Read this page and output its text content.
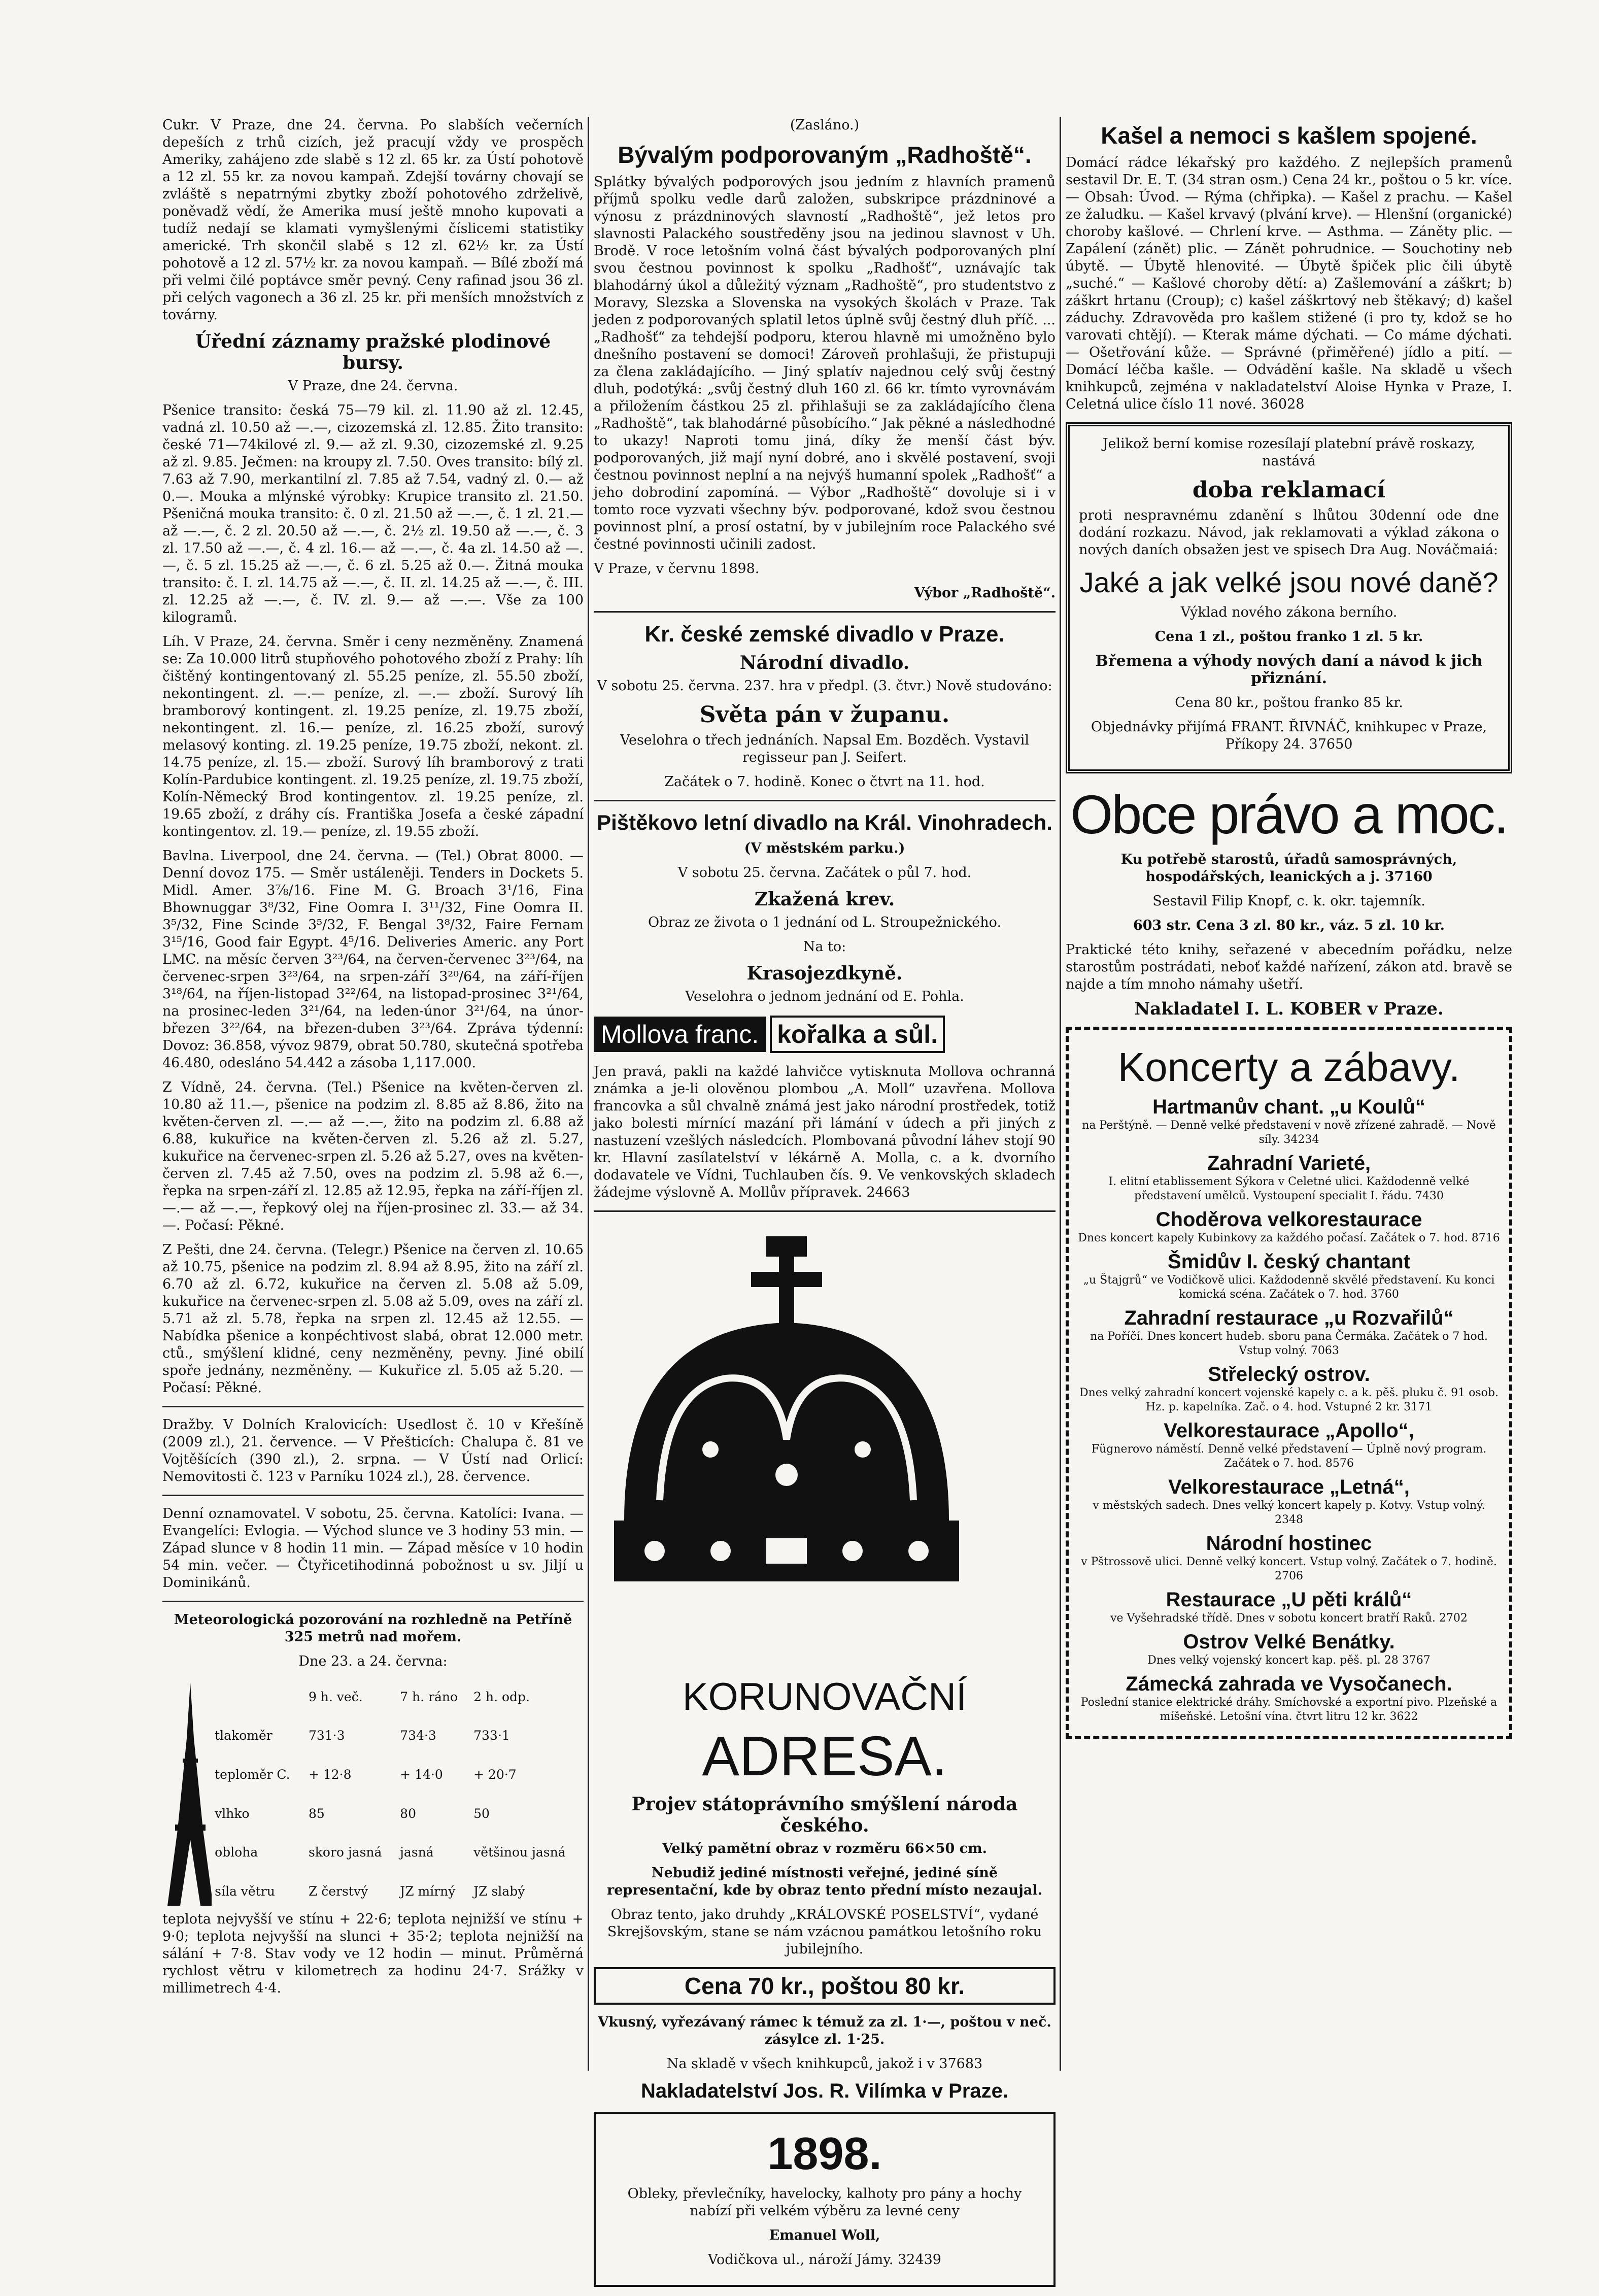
Cukr. V Praze, dne 24. června. Po slabších večerních depeších z trhů cizích, jež pracují vždy ve prospěch Ameriky, zahájeno zde slabě s 12 zl. 65 kr. za Ústí pohotově a 12 zl. 55 kr. za novou kampaň. Zdejší továrny chovají se zvláště s nepatrnými zbytky zboží pohotového zdrželivě, poněvadž vědí, že Amerika musí ještě mnoho kupovati a tudíž nedají se klamati vymyšlenými číslicemi statistiky americké. Trh skončil slabě s 12 zl. 62½ kr. za Ústí pohotově a 12 zl. 57½ kr. za novou kampaň. — Bílé zboží má při velmi čilé poptávce směr pevný. Ceny rafinad jsou 36 zl. při celých vagonech a 36 zl. 25 kr. při menších množstvích z továrny.

Úřední záznamy pražské plodinové bursy.

V Praze, dne 24. června.

Pšenice transito: česká 75—79 kil. zl. 11.90 až zl. 12.45, vadná zl. 10.50 až —.—, cizozemská zl. 12.85. Žito transito: české 71—74kilové zl. 9.— až zl. 9.30, cizozemské zl. 9.25 až zl. 9.85. Ječmen: na kroupy zl. 7.50. Oves transito: bílý zl. 7.63 až 7.90, merkantilní zl. 7.85 až 7.54, vadný zl. 0.— až 0.—. Mouka a mlýnské výrobky: Krupice transito zl. 21.50. Pšeničná mouka transito: č. 0 zl. 21.50 až —.—, č. 1 zl. 21.— až —.—, č. 2 zl. 20.50 až —.—, č. 2½ zl. 19.50 až —.—, č. 3 zl. 17.50 až —.—, č. 4 zl. 16.— až —.—, č. 4a zl. 14.50 až —.—, č. 5 zl. 15.25 až —.—, č. 6 zl. 5.25 až 0.—. Žitná mouka transito: č. I. zl. 14.75 až —.—, č. II. zl. 14.25 až —.—, č. III. zl. 12.25 až —.—, č. IV. zl. 9.— až —.—. Vše za 100 kilogramů.

Líh. V Praze, 24. června. Směr i ceny nezměněny. Znamená se: Za 10.000 litrů stupňového pohotového zboží z Prahy: líh čištěný kontingentovaný zl. 55.25 peníze, zl. 55.50 zboží, nekontingent. zl. —.— peníze, zl. —.— zboží. Surový líh bramborový kontingent. zl. 19.25 peníze, zl. 19.75 zboží, nekontingent. zl. 16.— peníze, zl. 16.25 zboží, surový melasový konting. zl. 19.25 peníze, 19.75 zboží, nekont. zl. 14.75 peníze, zl. 15.— zboží. Surový líh bramborový z trati Kolín-Pardubice kontingent. zl. 19.25 peníze, zl. 19.75 zboží, Kolín-Německý Brod kontingentov. zl. 19.25 peníze, zl. 19.65 zboží, z dráhy cís. Františka Josefa a české západní kontingentov. zl. 19.— peníze, zl. 19.55 zboží.

Bavlna. Liverpool, dne 24. června. — (Tel.) Obrat 8000. — Denní dovoz 175. — Směr ustáleněji. Tenders in Dockets 5. Midl. Amer. 3⅞/16. Fine M. G. Broach 3¹/16, Fina Bhownuggar 3⁸/32, Fine Oomra I. 3¹¹/32, Fine Oomra II. 3⁵/32, Fine Scinde 3⁵/32, F. Bengal 3⁸/32, Faire Fernam 3¹⁵/16, Good fair Egypt. 4⁵/16. Deliveries Americ. any Port LMC. na měsíc červen 3²³/64, na červen-červenec 3²³/64, na červenec-srpen 3²³/64, na srpen-září 3²⁰/64, na září-říjen 3¹⁸/64, na říjen-listopad 3²²/64, na listopad-prosinec 3²¹/64, na prosinec-leden 3²¹/64, na leden-únor 3²¹/64, na únor-březen 3²²/64, na březen-duben 3²³/64. Zpráva týdenní: Dovoz: 36.858, vývoz 9879, obrat 50.780, skutečná spotřeba 46.480, odesláno 54.442 a zásoba 1,117.000.

Z Vídně, 24. června. (Tel.) Pšenice na květen-červen zl. 10.80 až 11.—, pšenice na podzim zl. 8.85 až 8.86, žito na květen-červen zl. —.— až —.—, žito na podzim zl. 6.88 až 6.88, kukuřice na květen-červen zl. 5.26 až zl. 5.27, kukuřice na červenec-srpen zl. 5.26 až 5.27, oves na květen-červen zl. 7.45 až 7.50, oves na podzim zl. 5.98 až 6.—, řepka na srpen-září zl. 12.85 až 12.95, řepka na září-říjen zl. —.— až —.—, řepkový olej na říjen-prosinec zl. 33.— až 34.—. Počasí: Pěkné.

Z Pešti, dne 24. června. (Telegr.) Pšenice na červen zl. 10.65 až 10.75, pšenice na podzim zl. 8.94 až 8.95, žito na září zl. 6.70 až zl. 6.72, kukuřice na červen zl. 5.08 až 5.09, kukuřice na červenec-srpen zl. 5.08 až 5.09, oves na září zl. 5.71 až zl. 5.78, řepka na srpen zl. 12.45 až 12.55. — Nabídka pšenice a konpéchtivost slabá, obrat 12.000 metr. ctů., smýšlení klidné, ceny nezměněny, pevny. Jiné obilí spoře jednány, nezměněny. — Kukuřice zl. 5.05 až 5.20. — Počasí: Pěkné.

Dražby. V Dolních Kralovicích: Usedlost č. 10 v Křešíně (2009 zl.), 21. července. — V Přešticích: Chalupa č. 81 ve Vojtěšících (390 zl.), 2. srpna. — V Ústí nad Orlicí: Nemovitosti č. 123 v Parníku 1024 zl.), 28. července.

Denní oznamovatel. V sobotu, 25. června. Katolíci: Ivana. — Evangelíci: Evlogia. — Východ slunce ve 3 hodiny 53 min. — Západ slunce v 8 hodin 11 min. — Západ měsíce v 10 hodin 54 min. večer. — Čtyřicetihodinná pobožnost u sv. Jiljí u Dominikánů.

Meteorologická pozorování na rozhledně na Petříně 325 metrů nad mořem.

Dne 23. a 24. června:

	9 h. več.	7 h. ráno	2 h. odp.
tlakoměr	731·3	734·3	733·1
teploměr C.	+ 12·8	+ 14·0	+ 20·7
vlhko	85	80	50
obloha	skoro jasná	jasná	většinou jasná
síla větru	Z čerstvý	JZ mírný	JZ slabý

teplota nejvyšší ve stínu + 22·6; teplota nejnižší ve stínu + 9·0; teplota nejvyšší na slunci + 35·2; teplota nejnižší na sálání + 7·8. Stav vody ve 12 hodin — minut. Průměrná rychlost větru v kilometrech za hodinu 24·7. Srážky v millimetrech 4·4.

(Zasláno.)

Bývalým podporovaným „Radhoště“.

Splátky bývalých podporových jsou jedním z hlavních pramenů příjmů spolku vedle darů založen, subskripce prázdninové a výnosu z prázdninových slavností „Radhoště“, jež letos pro slavnosti Palackého soustředěny jsou na jedinou slavnost v Uh. Brodě. V roce letošním volná část bývalých podporovaných plní svou čestnou povinnost k spolku „Radhošť“, uznávajíc tak blahodárný úkol a důležitý význam „Radhoště“, pro studentstvo z Moravy, Slezska a Slovenska na vysokých školách v Praze. Tak jeden z podporovaných splatil letos úplně svůj čestný dluh příč. ... „Radhošť“ za tehdejší podporu, kterou hlavně mi umožněno bylo dnešního postavení se domoci! Zároveň prohlašuji, že přistupuji za člena zakládajícího. — Jiný splatív najednou celý svůj čestný dluh, podotýká: „svůj čestný dluh 160 zl. 66 kr. tímto vyrovnávám a přiložením částkou 25 zl. přihlašuji se za zakládajícího člena „Radhoště“, tak blahodárné působícího.“ Jak pěkné a následhodné to ukazy! Naproti tomu jiná, díky že menší část býv. podporovaných, již mají nyní dobré, ano i skvělé postavení, svoji čestnou povinnost neplní a na nejvýš humanní spolek „Radhošť“ a jeho dobrodiní zapomíná. — Výbor „Radhoště“ dovoluje si i v tomto roce vyzvati všechny býv. podporované, kdož svou čestnou povinnost plní, a prosí ostatní, by v jubilejním roce Palackého své čestné povinnosti učinili zadost.

V Praze, v červnu 1898.

Výbor „Radhoště“.

Kr. české zemské divadlo v Praze.
Národní divadlo.

V sobotu 25. června. 237. hra v předpl. (3. čtvr.) Nově studováno:

Světa pán v županu.

Veselohra o třech jednáních. Napsal Em. Bozděch. Vystavil regisseur pan J. Seifert.

Začátek o 7. hodině. Konec o čtvrt na 11. hod.

Pištěkovo letní divadlo na Král. Vinohradech.

(V městském parku.)

V sobotu 25. června. Začátek o půl 7. hod.

Zkažená krev.

Obraz ze života o 1 jednání od L. Stroupežnického.

Na to:

Krasojezdkyně.

Veselohra o jednom jednání od E. Pohla.

Mollova franc. kořalka a sůl.

Jen pravá, pakli na každé lahvičce vytisknuta Mollova ochranná známka a je-li olověnou plombou „A. Moll“ uzavřena. Mollova francovka a sůl chvalně známá jest jako národní prostředek, totiž jako bolesti mírnící mazání při lámání v údech a při jiných z nastuzení vzešlých následcích. Plombovaná původní láhev stojí 90 kr. Hlavní zasílatelství v lékárně A. Molla, c. a k. dvorního dodavatele ve Vídni, Tuchlauben čís. 9. Ve venkovských skladech žádejme výslovně A. Mollův přípravek. 24663

KORUNOVAČNÍ
ADRESA.
Projev státoprávního smýšlení národa českého.

Velký pamětní obraz v rozměru 66×50 cm.

Nebudiž jediné místnosti veřejné, jediné síně representační, kde by obraz tento přední místo nezaujal.

Obraz tento, jako druhdy „KRÁLOVSKÉ POSELSTVÍ“, vydané Skrejšovským, stane se nám vzácnou památkou letošního roku jubilejního.

Cena 70 kr., poštou 80 kr.

Vkusný, vyřezávaný rámec k témuž za zl. 1·—, poštou v neč. zásylce zl. 1·25.

Na skladě v všech knihkupců, jakož i v 37683

Nakladatelství Jos. R. Vilímka v Praze.
1898.

Obleky, převlečníky, havelocky, kalhoty pro pány a hochy nabízí při velkém výběru za levné ceny

Emanuel Woll,

Vodičkova ul., nároží Jámy. 32439

Kašel a nemoci s kašlem spojené.

Domácí rádce lékařský pro každého. Z nejlepších pramenů sestavil Dr. E. T. (34 stran osm.) Cena 24 kr., poštou o 5 kr. více. — Obsah: Úvod. — Rýma (chřipka). — Kašel z prachu. — Kašel ze žaludku. — Kašel krvavý (plvání krve). — Hlenšní (organické) choroby kašlové. — Chrlení krve. — Asthma. — Záněty plic. — Zapálení (zánět) plic. — Zánět pohrudnice. — Souchotiny neb úbytě. — Úbytě hlenovité. — Úbytě špiček plic čili úbytě „suché.“ — Kašlové choroby dětí: a) Zašlemování a záškrt; b) záškrt hrtanu (Croup); c) kašel záškrtový neb štěkavý; d) kašel záduchy. Zdravověda pro kašlem stižené (i pro ty, kdož se ho varovati chtějí). — Kterak máme dýchati. — Co máme dýchati. — Ošetřování kůže. — Správné (přiměřené) jídlo a pití. — Domácí léčba kašle. — Odvádění kašle. Na skladě u všech knihkupců, zejména v nakladatelství Aloise Hynka v Praze, I. Celetná ulice číslo 11 nové. 36028

Jelikož berní komise rozesílají platební právě roskazy, nastává

doba reklamací

proti nespravnému zdanění s lhůtou 30denní ode dne dodání rozkazu. Návod, jak reklamovati a výklad zákona o nových daních obsažen jest ve spisech Dra Aug. Nováčmaiá:

Jaké a jak velké jsou nové daně?

Výklad nového zákona berního.

Cena 1 zl., poštou franko 1 zl. 5 kr.

Břemena a výhody nových daní a návod k jich přiznání.

Cena 80 kr., poštou franko 85 kr.

Objednávky přijímá FRANT. ŘIVNÁČ, knihkupec v Praze, Příkopy 24. 37650

Obce právo a moc.

Ku potřebě starostů, úřadů samosprávných, hospodářských, leanických a j. 37160

Sestavil Filip Knopf, c. k. okr. tajemník.

603 str. Cena 3 zl. 80 kr., váz. 5 zl. 10 kr.

Praktické této knihy, seřazené v abecedním pořádku, nelze starostům postrádati, neboť každé nařízení, zákon atd. bravě se najde a tím mnoho námahy ušetří.

Nakladatel I. L. KOBER v Praze.

Koncerty a zábavy.
Hartmanův chant. „u Koulů“

na Perštýně. — Denně velké představení v nově zřízené zahradě. — Nově síly. 34234

Zahradní Varieté,

I. elitní etablissement Sýkora v Celetné ulici. Každodenně velké představení umělců. Vystoupení specialit I. řádu. 7430

Choděrova velkorestaurace

Dnes koncert kapely Kubinkovy za každého počasí. Začátek o 7. hod. 8716

Šmidův I. český chantant

„u Štajgrů“ ve Vodičkově ulici. Každodenně skvělé představení. Ku konci komická scéna. Začátek o 7. hod. 3760

Zahradní restaurace „u Rozvařilů“

na Poříčí. Dnes koncert hudeb. sboru pana Čermáka. Začátek o 7 hod. Vstup volný. 7063

Střelecký ostrov.

Dnes velký zahradní koncert vojenské kapely c. a k. pěš. pluku č. 91 osob. Hz. p. kapelníka. Zač. o 4. hod. Vstupné 2 kr. 3171

Velkorestaurace „Apollo“,

Fügnerovo náměstí. Denně velké představení — Úplně nový program. Začátek o 7. hod. 8576

Velkorestaurace „Letná“,

v městských sadech. Dnes velký koncert kapely p. Kotvy. Vstup volný. 2348

Národní hostinec

v Pštrossově ulici. Denně velký koncert. Vstup volný. Začátek o 7. hodině. 2706

Restaurace „U pěti králů“

ve Vyšehradské třídě. Dnes v sobotu koncert bratří Raků. 2702

Ostrov Velké Benátky.

Dnes velký vojenský koncert kap. pěš. pl. 28 3767

Zámecká zahrada ve Vysočanech.

Poslední stanice elektrické dráhy. Smíchovské a exportní pivo. Plzeňské a míšeňské. Letošní vína. čtvrt litru 12 kr. 3622
